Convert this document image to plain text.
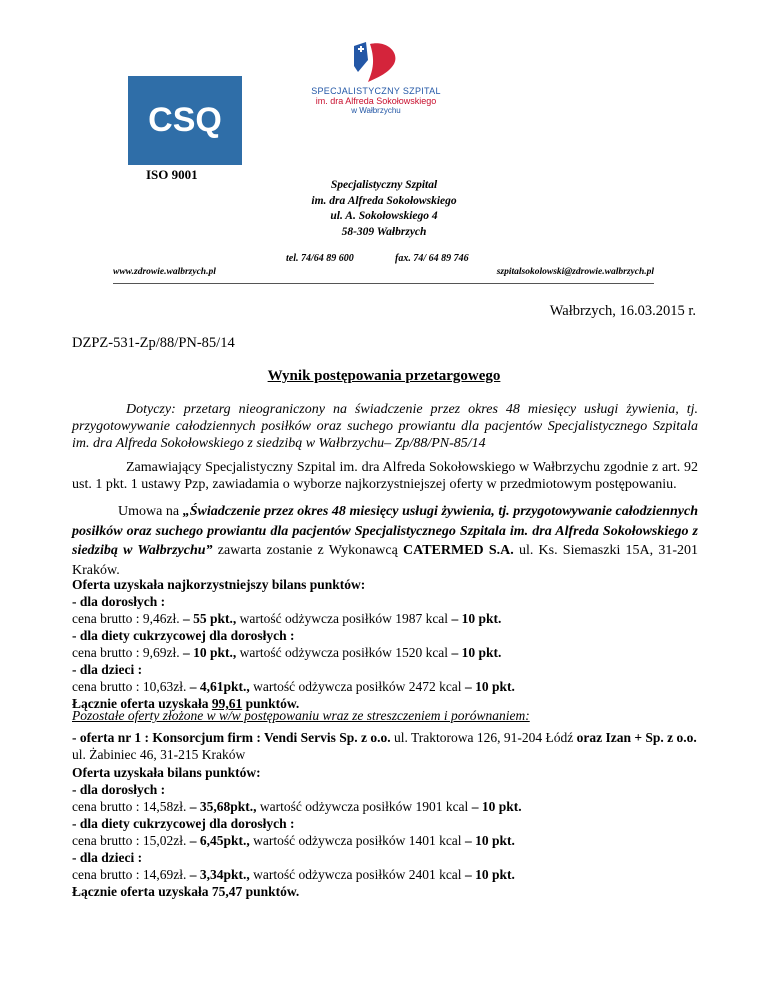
CSQ
ISO 9001
SPECJALISTYCZNY SZPITAL
im. dra Alfreda Sokołowskiego
w Wałbrzychu
Specjalistyczny Szpital
im. dra Alfreda Sokołowskiego
ul. A. Sokołowskiego 4
58-309 Wałbrzych
tel. 74/64 89 600	fax. 74/ 64 89 746
www.zdrowie.walbrzych.pl	szpitalsokolowski@zdrowie.walbrzych.pl
Wałbrzych, 16.03.2015 r.
DZPZ-531-Zp/88/PN-85/14
Wynik postępowania przetargowego
Dotyczy: przetarg nieograniczony na świadczenie przez okres 48 miesięcy usługi żywienia, tj. przygotowywanie całodziennych posiłków oraz suchego prowiantu dla pacjentów Specjalistycznego Szpitala im. dra Alfreda Sokołowskiego z siedzibą w Wałbrzychu– Zp/88/PN-85/14
Zamawiający Specjalistyczny Szpital im. dra Alfreda Sokołowskiego w Wałbrzychu zgodnie z art. 92 ust. 1 pkt. 1 ustawy Pzp, zawiadamia o wyborze najkorzystniejszej oferty w przedmiotowym postępowaniu.
Umowa na „Świadczenie przez okres 48 miesięcy usługi żywienia, tj. przygotowywanie całodziennych posiłków oraz suchego prowiantu dla pacjentów Specjalistycznego Szpitala im. dra Alfreda Sokołowskiego z siedzibą w Wałbrzychu” zawarta zostanie z Wykonawcą CATERMED S.A. ul. Ks. Siemaszki 15A, 31-201 Kraków.
Oferta uzyskała najkorzystniejszy bilans punktów:
- dla dorosłych :
cena brutto : 9,46zł. – 55 pkt., wartość odżywcza posiłków 1987 kcal – 10 pkt.
- dla diety cukrzycowej dla dorosłych :
cena brutto : 9,69zł. – 10 pkt., wartość odżywcza posiłków 1520 kcal – 10 pkt.
- dla dzieci :
cena brutto : 10,63zł. – 4,61pkt., wartość odżywcza posiłków 2472 kcal – 10 pkt.
Łącznie oferta uzyskała 99,61 punktów.
Pozostałe oferty złożone w w/w postępowaniu wraz ze streszczeniem i porównaniem:
- oferta nr 1 : Konsorcjum firm : Vendi Servis Sp. z o.o. ul. Traktorowa 126, 91-204 Łódź oraz Izan + Sp. z o.o. ul. Żabiniec 46, 31-215 Kraków
Oferta uzyskała bilans punktów:
- dla dorosłych :
cena brutto : 14,58zł. – 35,68pkt., wartość odżywcza posiłków 1901 kcal – 10 pkt.
- dla diety cukrzycowej dla dorosłych :
cena brutto : 15,02zł. – 6,45pkt., wartość odżywcza posiłków 1401 kcal – 10 pkt.
- dla dzieci :
cena brutto : 14,69zł. – 3,34pkt., wartość odżywcza posiłków 2401 kcal – 10 pkt.
Łącznie oferta uzyskała 75,47 punktów.
